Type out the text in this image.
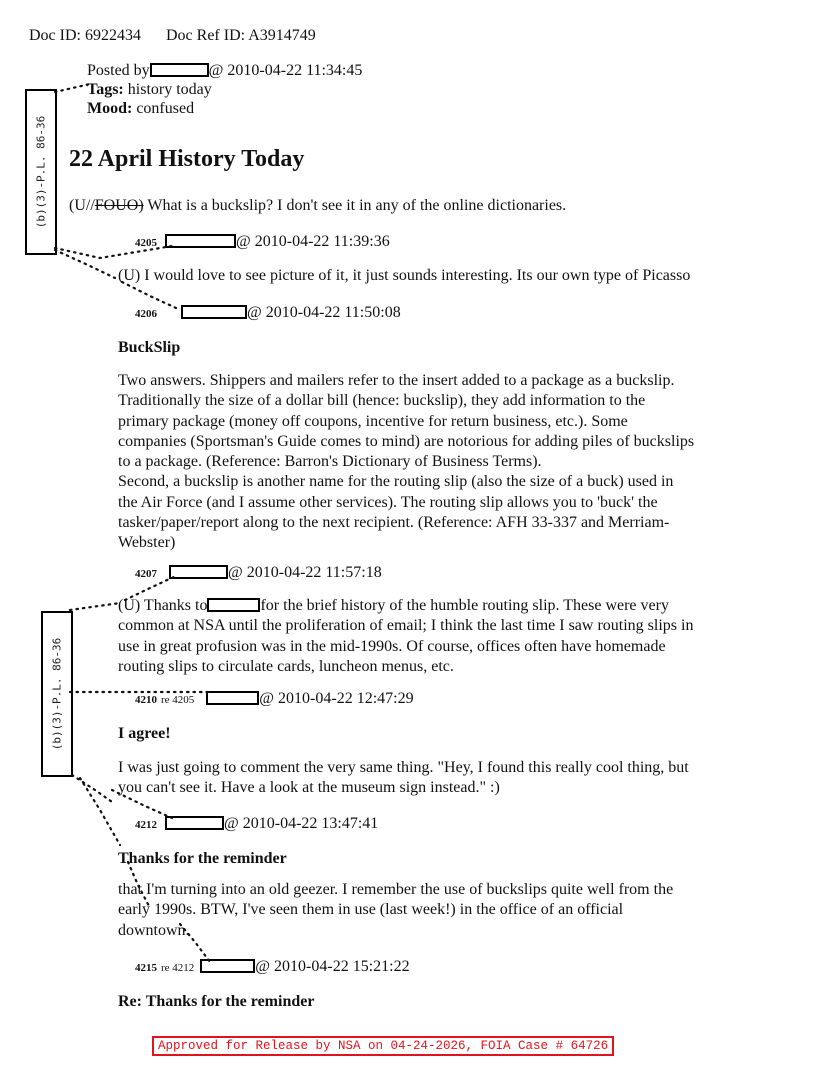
Doc ID: 6922434 Doc Ref ID: A3914749
Posted by	@ 2010-04-22 11:34:45
Tags: history today
Mood: confused
22 April History Today
(U//FOUO) What is a buckslip? I don't see it in any of the online dictionaries.
4205	@ 2010-04-22 11:39:36
(U) I would love to see picture of it, it just sounds interesting. Its our own type of Picasso
4206	@ 2010-04-22 11:50:08
BuckSlip

Two answers. Shippers and mailers refer to the insert added to a package as a buckslip.

Traditionally the size of a dollar bill (hence: buckslip), they add information to the

primary package (money off coupons, incentive for return business, etc.). Some

companies (Sportsman's Guide comes to mind) are notorious for adding piles of buckslips

to a package. (Reference: Barron's Dictionary of Business Terms).

Second, a buckslip is another name for the routing slip (also the size of a buck) used in

the Air Force (and I assume other services). The routing slip allows you to 'buck' the

tasker/paper/report along to the next recipient. (Reference: AFH 33-337 and Merriam-

Webster)

4207	@ 2010-04-22 11:57:18

(U) Thanks to	for the brief history of the humble routing slip. These were very

common at NSA until the proliferation of email; I think the last time I saw routing slips in

use in great profusion was in the mid-1990s. Of course, offices often have homemade

routing slips to circulate cards, luncheon menus, etc.

4210 re 4205	@ 2010-04-22 12:47:29
I agree!

I was just going to comment the very same thing. "Hey, I found this really cool thing, but

you can't see it. Have a look at the museum sign instead." :)

4212	@ 2010-04-22 13:47:41
Thanks for the reminder

that I'm turning into an old geezer. I remember the use of buckslips quite well from the

early 1990s. BTW, I've seen them in use (last week!) in the office of an official

downtown.

4215 re 4212	@ 2010-04-22 15:21:22
Re: Thanks for the reminder
(b)(3)-P.L. 86-36
(b)(3)-P.L. 86-36
Approved for Release by NSA on 04-24-2026, FOIA Case # 64726
